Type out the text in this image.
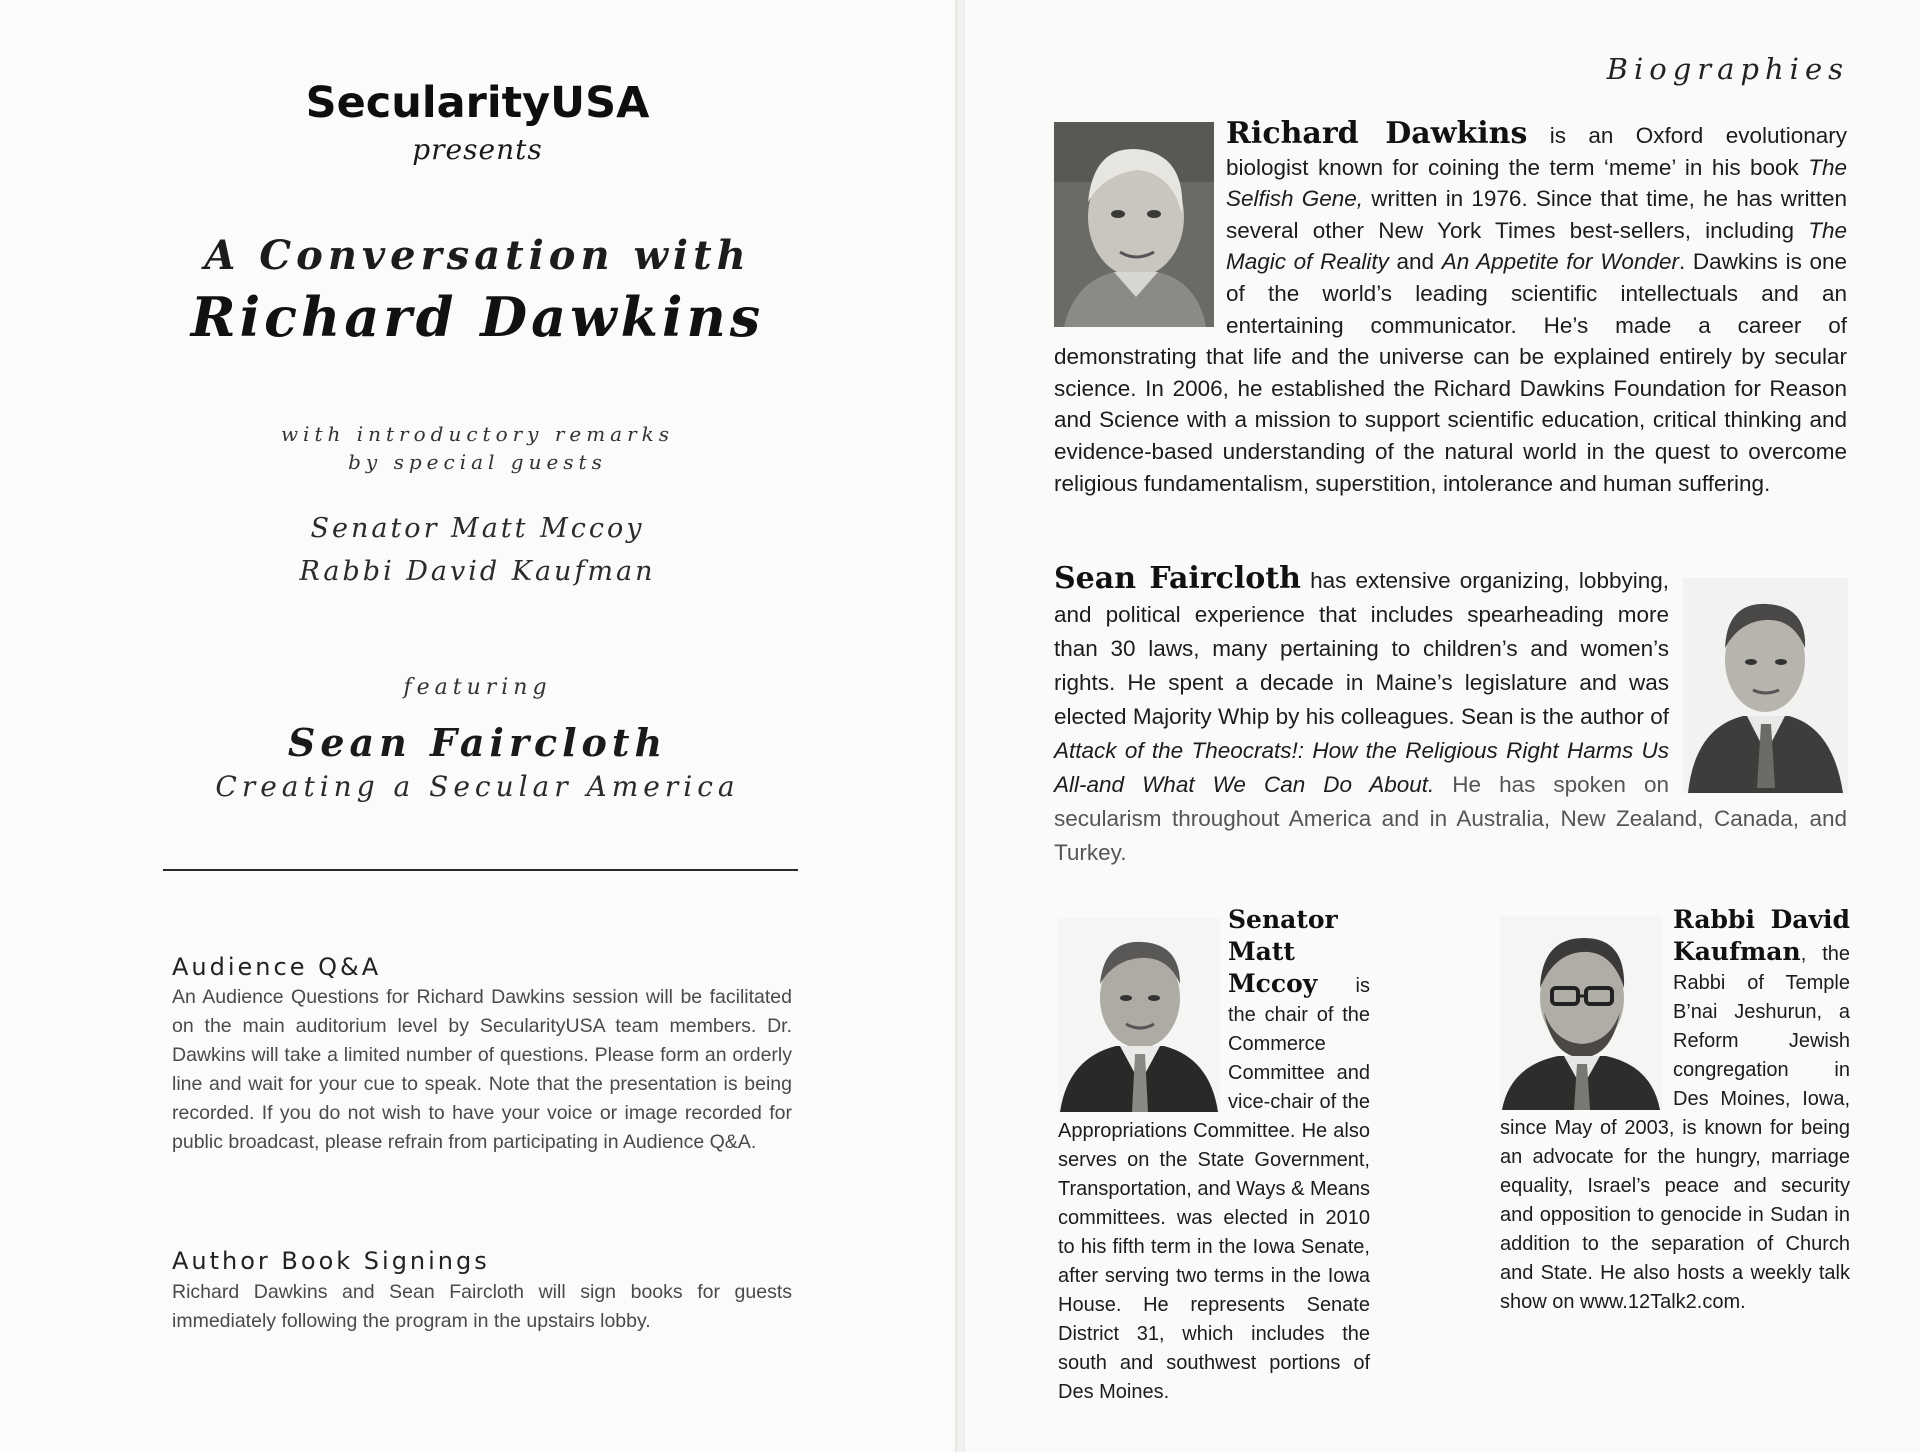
SecularityUSA
presents
A Conversation with
Richard Dawkins
with introductory remarks
by special guests
Senator Matt Mccoy
Rabbi David Kaufman
featuring
Sean Faircloth
Creating a Secular America
Audience Q&A
An Audience Questions for Richard Dawkins session will be facilitated on the main auditorium level by SecularityUSA team members. Dr. Dawkins will take a limited number of questions. Please form an orderly line and wait for your cue to speak. Note that the presentation is being recorded. If you do not wish to have your voice or image recorded for public broadcast, please refrain from participating in Audience Q&A.
Author Book Signings
Richard Dawkins and Sean Faircloth will sign books for guests immediately following the program in the upstairs lobby.
Biographies
Richard Dawkins is an Oxford evolutionary biologist known for coining the term ‘meme’ in his book The Selfish Gene, written in 1976. Since that time, he has written several other New York Times best-sellers, including The Magic of Reality and An Appetite for Wonder. Dawkins is one of the world’s leading scientific intellectuals and an entertaining communicator. He’s made a career of demonstrating that life and the universe can be explained entirely by secular science. In 2006, he established the Richard Dawkins Foundation for Reason and Science with a mission to support scientific education, critical thinking and evidence-based understanding of the natural world in the quest to overcome religious fundamentalism, superstition, intolerance and human suffering.
Sean Faircloth has extensive organizing, lobbying, and political experience that includes spearheading more than 30 laws, many pertaining to children’s and women’s rights. He spent a decade in Maine’s legislature and was elected Majority Whip by his colleagues. Sean is the author of Attack of the Theocrats!: How the Religious Right Harms Us All-and What We Can Do About. He has spoken on secularism throughout America and in Australia, New Zealand, Canada, and Turkey.
Senator Matt Mccoy is the chair of the Commerce Committee and vice-chair of the Appropriations Committee. He also serves on the State Government, Transportation, and Ways & Means committees. was elected in 2010 to his fifth term in the Iowa Senate, after serving two terms in the Iowa House. He represents Senate District 31, which includes the south and southwest portions of Des Moines.
Rabbi David Kaufman, the Rabbi of Temple B’nai Jeshurun, a Reform Jewish congregation in Des Moines, Iowa, since May of 2003, is known for being an advocate for the hungry, marriage equality, Israel’s peace and security and opposition to genocide in Sudan in addition to the separation of Church and State. He also hosts a weekly talk show on www.12Talk2.com.
